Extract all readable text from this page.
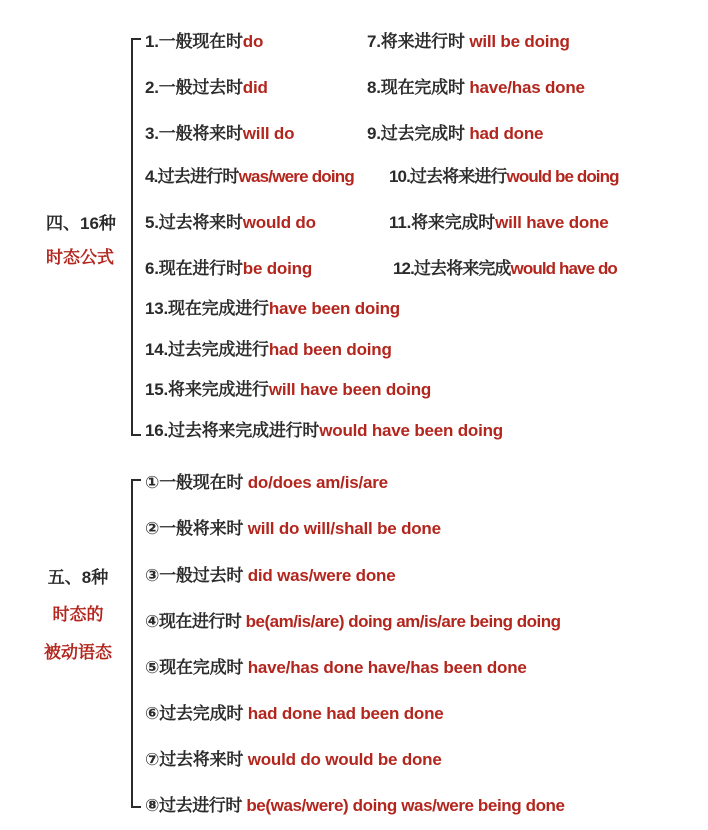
四、16种
时态公式
1.一般现在时do
2.一般过去时did
3.一般将来时will do
4.过去进行时was/were doing
5.过去将来时would do
6.现在进行时be doing
7.将来进行时 will be doing
8.现在完成时 have/has done
9.过去完成时 had done
10.过去将来进行would be doing
11.将来完成时will have done
12.过去将来完成would have do
13.现在完成进行have been doing
14.过去完成进行had been doing
15.将来完成进行will have been doing
16.过去将来完成进行时would have been doing
五、8种
时态的
被动语态
①一般现在时 do/does am/is/are
②一般将来时 will do will/shall be done
③一般过去时 did was/were done
④现在进行时 be(am/is/are) doing am/is/are being doing
⑤现在完成时 have/has done have/has been done
⑥过去完成时 had done had been done
⑦过去将来时 would do would be done
⑧过去进行时 be(was/were) doing was/were being done
